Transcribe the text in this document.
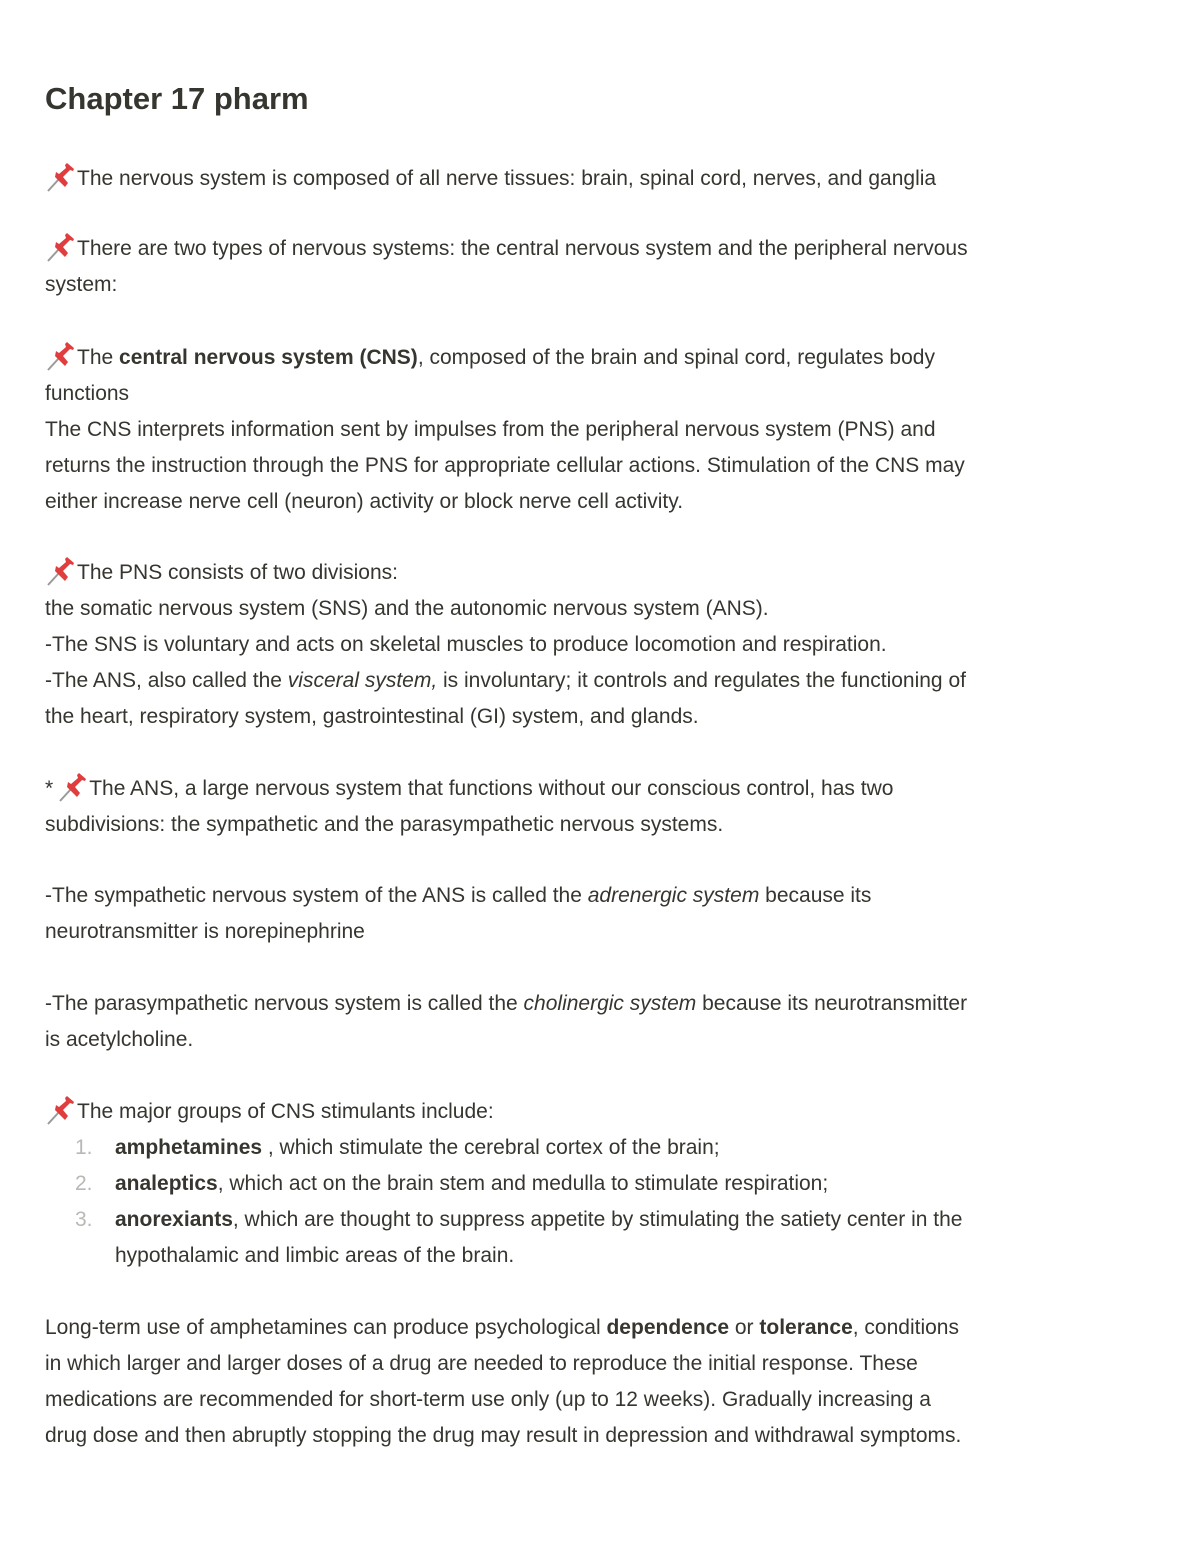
Chapter 17 pharm
The nervous system is composed of all nerve tissues: brain, spinal cord, nerves, and ganglia
There are two types of nervous systems: the central nervous system and the peripheral nervous
system:
The central nervous system (CNS), composed of the brain and spinal cord, regulates body
functions
The CNS interprets information sent by impulses from the peripheral nervous system (PNS) and
returns the instruction through the PNS for appropriate cellular actions. Stimulation of the CNS may
either increase nerve cell (neuron) activity or block nerve cell activity.
The PNS consists of two divisions:
the somatic nervous system (SNS) and the autonomic nervous system (ANS).
-The SNS is voluntary and acts on skeletal muscles to produce locomotion and respiration.
-The ANS, also called the visceral system, is involuntary; it controls and regulates the functioning of
the heart, respiratory system, gastrointestinal (GI) system, and glands.
* The ANS, a large nervous system that functions without our conscious control, has two
subdivisions: the sympathetic and the parasympathetic nervous systems.
-The sympathetic nervous system of the ANS is called the adrenergic system because its
neurotransmitter is norepinephrine
-The parasympathetic nervous system is called the cholinergic system because its neurotransmitter
is acetylcholine.
The major groups of CNS stimulants include:
1.	amphetamines , which stimulate the cerebral cortex of the brain;
2.	analeptics, which act on the brain stem and medulla to stimulate respiration;
3.	anorexiants, which are thought to suppress appetite by stimulating the satiety center in the
hypothalamic and limbic areas of the brain.
Long-term use of amphetamines can produce psychological dependence or tolerance, conditions
in which larger and larger doses of a drug are needed to reproduce the initial response. These
medications are recommended for short-term use only (up to 12 weeks). Gradually increasing a
drug dose and then abruptly stopping the drug may result in depression and withdrawal symptoms.
